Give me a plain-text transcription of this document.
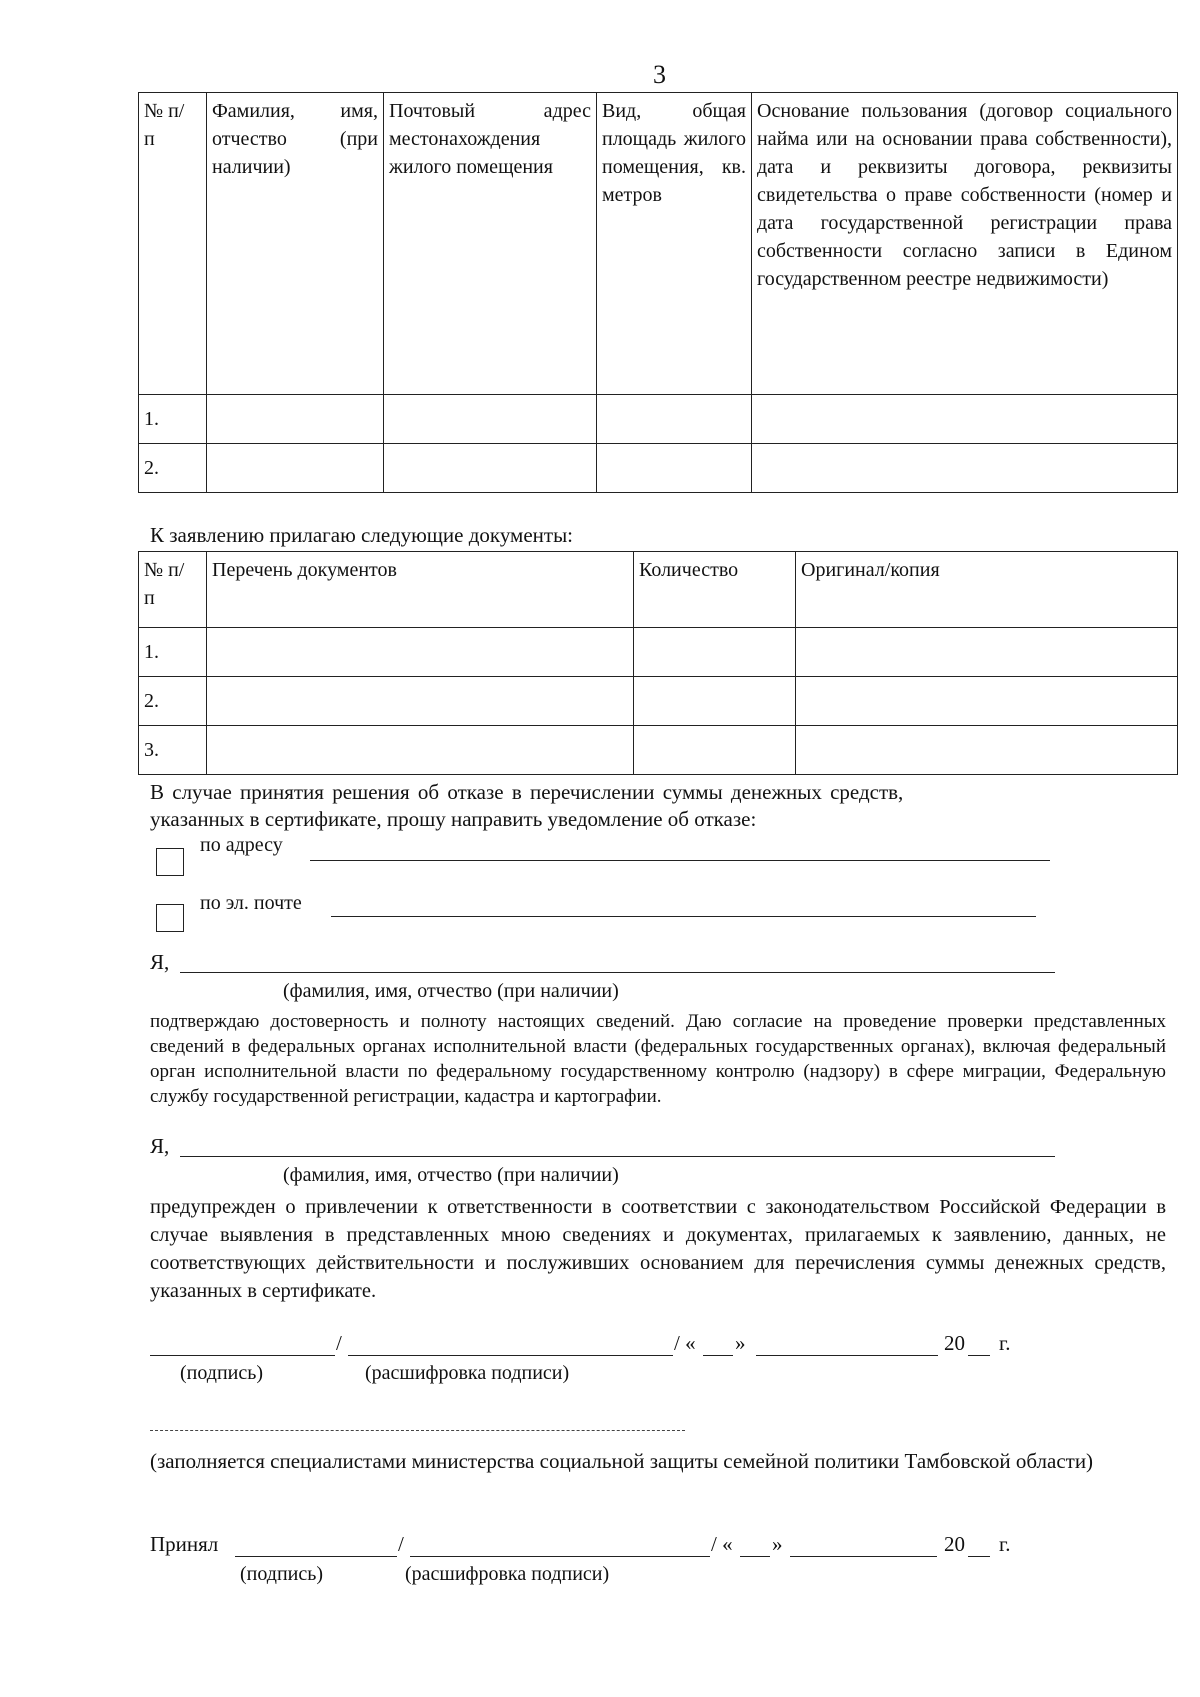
3
№ п/п	Фамилия, имя, отчество (при наличии)	Почтовый адрес местонахождения жилого помещения	Вид, общая площадь жилого помещения, кв. метров	Основание пользования (договор социального найма или на основании права собственности), дата и реквизиты договора, реквизиты свидетельства о праве собственности (номер и дата государственной регистрации права собственности согласно записи в Едином государственном реестре недвижимости)
1.				
2.				
К заявлению прилагаю следующие документы:
№ п/п	Перечень документов	Количество	Оригинал/копия
1.			
2.			
3.			
В случае принятия решения об отказе в перечислении суммы денежных средств,
указанных в сертификате, прошу направить уведомление об отказе:
по адресу
по эл. почте
Я,
(фамилия, имя, отчество (при наличии)
подтверждаю достоверность и полноту настоящих сведений. Даю согласие на проведение проверки представленных сведений в федеральных органах исполнительной власти (федеральных государственных органах), включая федеральный орган исполнительной власти по федеральному государственному контролю (надзору) в сфере миграции, Федеральную службу государственной регистрации, кадастра и картографии.
Я,
(фамилия, имя, отчество (при наличии)
предупрежден о привлечении к ответственности в соответствии с законодательством Российской Федерации в случае выявления в представленных мною сведениях и документах, прилагаемых к заявлению, данных, не соответствующих действительности и послуживших основанием для перечисления суммы денежных средств, указанных в сертификате.
/	/ « »	20 г.
(подпись)	(расшифровка подписи)
(заполняется специалистами министерства социальной защиты семейной политики Тамбовской области)
Принял	/	/ « »	20 г.
(подпись)	(расшифровка подписи)
